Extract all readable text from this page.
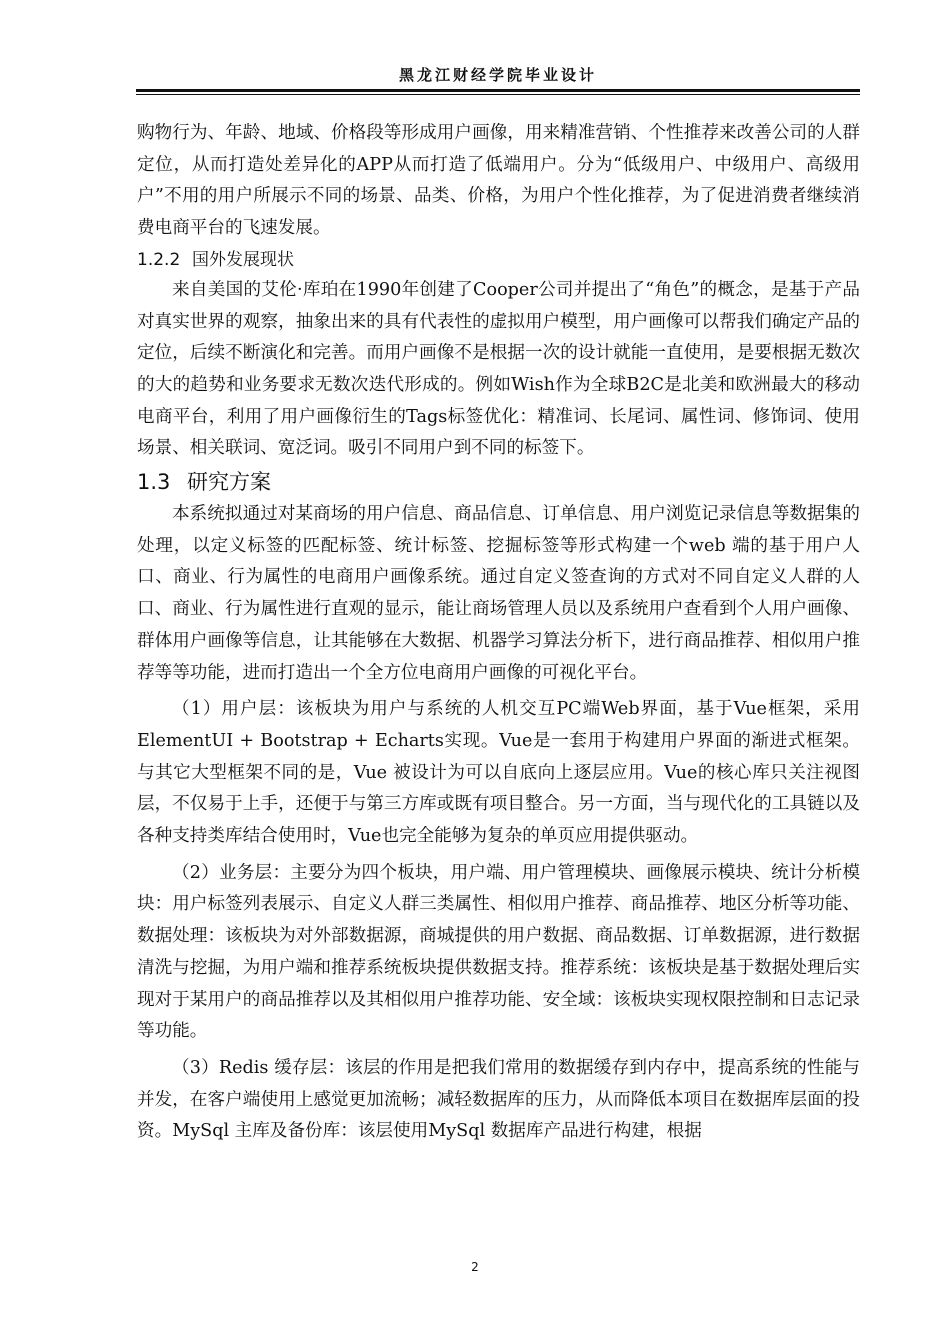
黑龙江财经学院毕业设计

购物行为、年龄、地域、价格段等形成用户画像，用来精准营销、个性推荐来改善公司的人群定位，从而打造处差异化的APP从而打造了低端用户。分为“低级用户、中级用户、高级用户”不用的用户所展示不同的场景、品类、价格，为用户个性化推荐，为了促进消费者继续消费电商平台的飞速发展。

1.2.2 国外发展现状

来自美国的艾伦·库珀在1990年创建了Cooper公司并提出了“角色”的概念，是基于产品对真实世界的观察，抽象出来的具有代表性的虚拟用户模型，用户画像可以帮我们确定产品的定位，后续不断演化和完善。而用户画像不是根据一次的设计就能一直使用，是要根据无数次的大的趋势和业务要求无数次迭代形成的。例如Wish作为全球B2C是北美和欧洲最大的移动电商平台，利用了用户画像衍生的Tags标签优化：精准词、长尾词、属性词、修饰词、使用场景、相关联词、宽泛词。吸引不同用户到不同的标签下。

1.3 研究方案

本系统拟通过对某商场的用户信息、商品信息、订单信息、用户浏览记录信息等数据集的处理，以定义标签的匹配标签、统计标签、挖掘标签等形式构建一个web 端的基于用户人口、商业、行为属性的电商用户画像系统。通过自定义签查询的方式对不同自定义人群的人口、商业、行为属性进行直观的显示，能让商场管理人员以及系统用户查看到个人用户画像、群体用户画像等信息，让其能够在大数据、机器学习算法分析下，进行商品推荐、相似用户推荐等等功能，进而打造出一个全方位电商用户画像的可视化平台。

（1）用户层：该板块为用户与系统的人机交互PC端Web界面，基于Vue框架，采用ElementUI + Bootstrap + Echarts实现。Vue是一套用于构建用户界面的渐进式框架。与其它大型框架不同的是，Vue 被设计为可以自底向上逐层应用。Vue的核心库只关注视图层，不仅易于上手，还便于与第三方库或既有项目整合。另一方面，当与现代化的工具链以及各种支持类库结合使用时，Vue也完全能够为复杂的单页应用提供驱动。

（2）业务层：主要分为四个板块，用户端、用户管理模块、画像展示模块、统计分析模块：用户标签列表展示、自定义人群三类属性、相似用户推荐、商品推荐、地区分析等功能、数据处理：该板块为对外部数据源，商城提供的用户数据、商品数据、订单数据源，进行数据清洗与挖掘，为用户端和推荐系统板块提供数据支持。推荐系统：该板块是基于数据处理后实现对于某用户的商品推荐以及其相似用户推荐功能、安全域：该板块实现权限控制和日志记录等功能。

（3）Redis 缓存层：该层的作用是把我们常用的数据缓存到内存中，提高系统的性能与并发，在客户端使用上感觉更加流畅；减轻数据库的压力，从而降低本项目在数据库层面的投资。MySql 主库及备份库：该层使用MySql 数据库产品进行构建，根据

2
